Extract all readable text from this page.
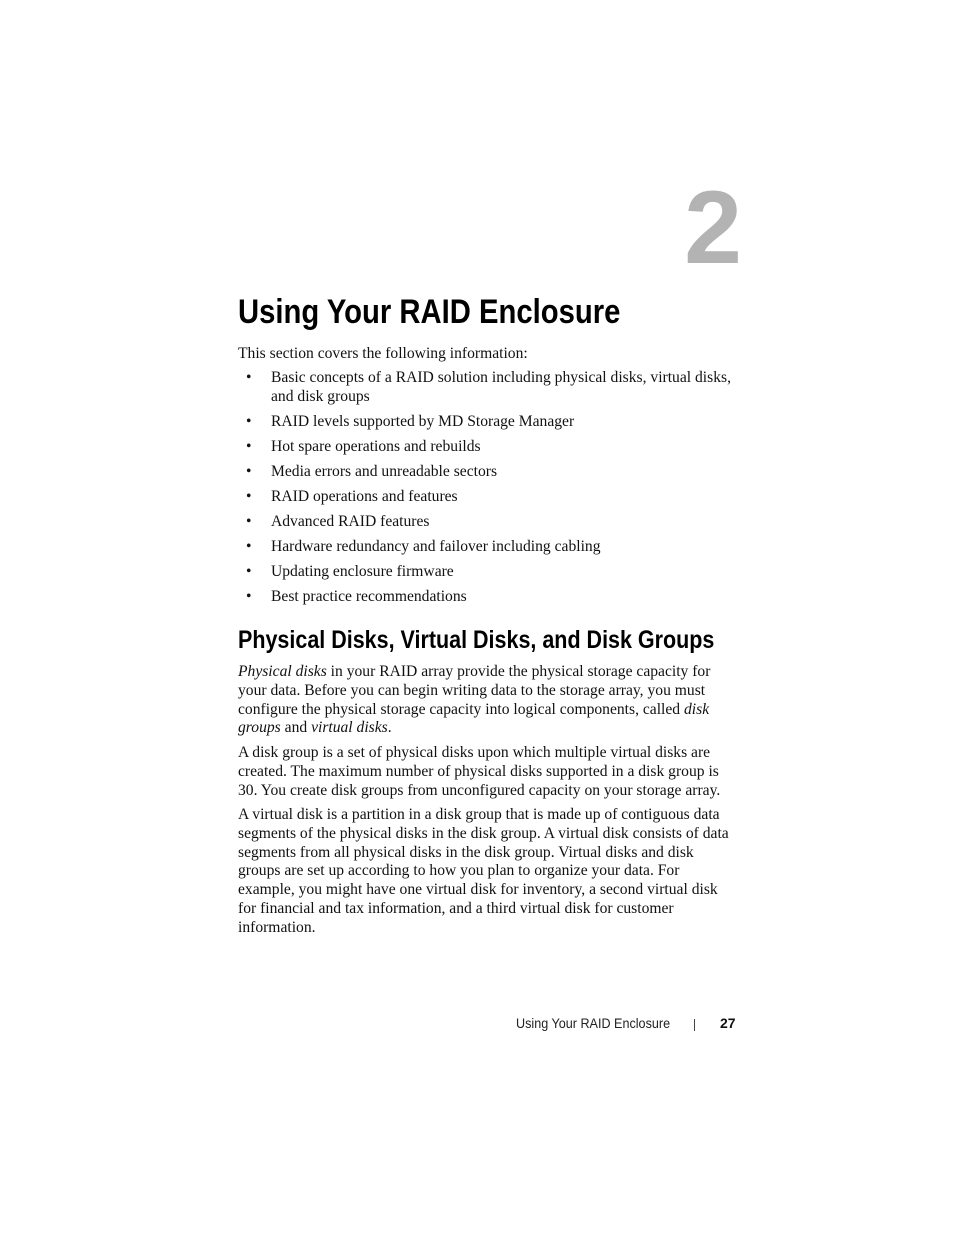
2
Using Your RAID Enclosure

This section covers the following information:

• Basic concepts of a RAID solution including physical disks, virtual disks, and disk groups
• RAID levels supported by MD Storage Manager
• Hot spare operations and rebuilds
• Media errors and unreadable sectors
• RAID operations and features
• Advanced RAID features
• Hardware redundancy and failover including cabling
• Updating enclosure firmware
• Best practice recommendations
Physical Disks, Virtual Disks, and Disk Groups

Physical disks in your RAID array provide the physical storage capacity for your data. Before you can begin writing data to the storage array, you must configure the physical storage capacity into logical components, called disk groups and virtual disks.

A disk group is a set of physical disks upon which multiple virtual disks are created. The maximum number of physical disks supported in a disk group is 30. You create disk groups from unconfigured capacity on your storage array.

A virtual disk is a partition in a disk group that is made up of contiguous data segments of the physical disks in the disk group. A virtual disk consists of data segments from all physical disks in the disk group. Virtual disks and disk groups are set up according to how you plan to organize your data. For example, you might have one virtual disk for inventory, a second virtual disk for financial and tax information, and a third virtual disk for customer information.

Using Your RAID Enclosure	27
